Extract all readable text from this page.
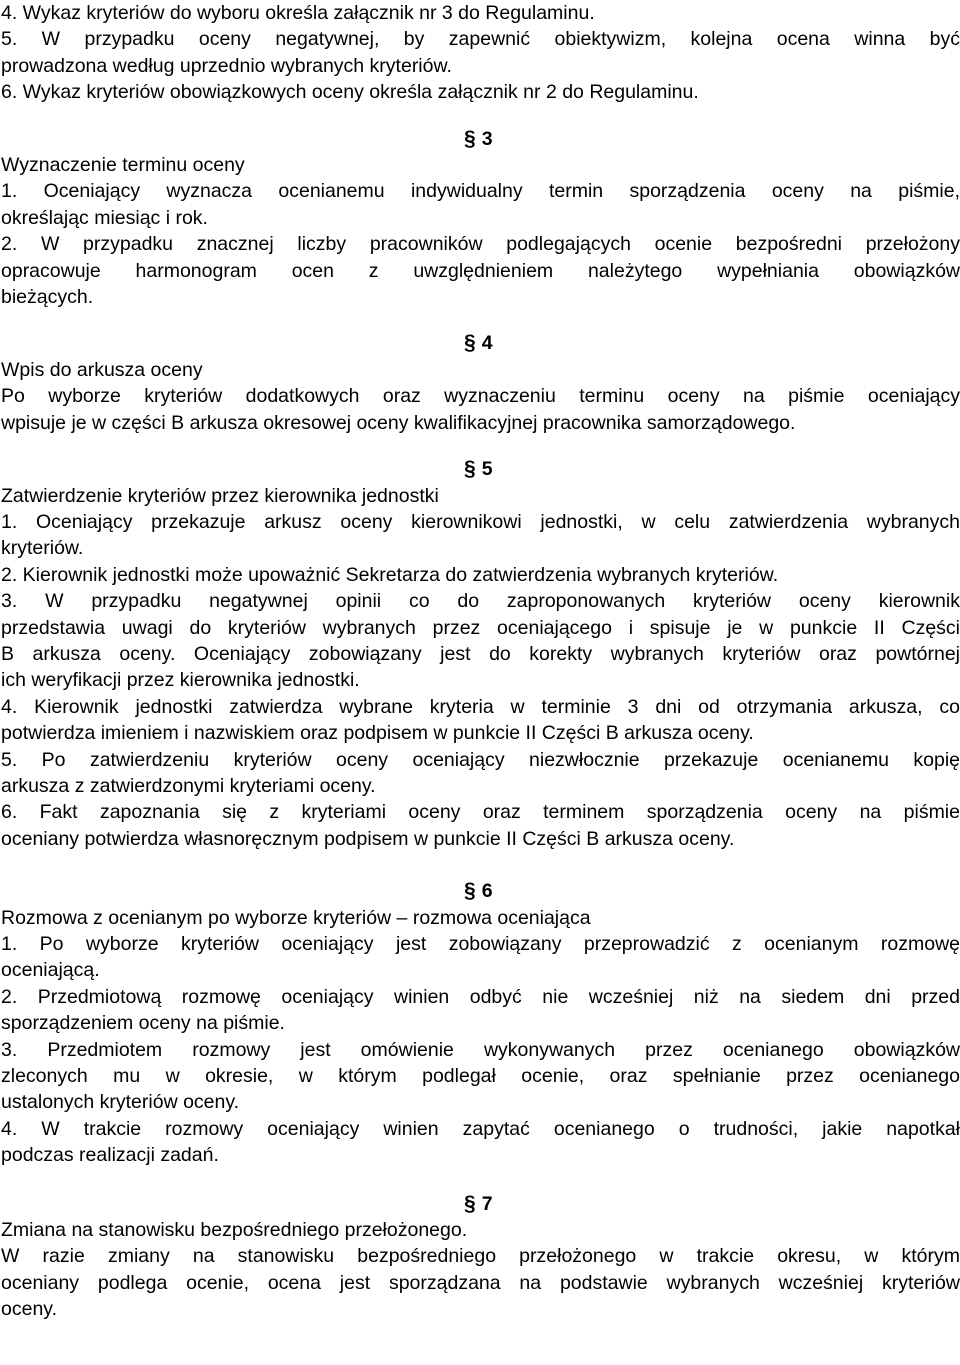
4. Wykaz kryteriów do wyboru określa załącznik nr 3 do Regulaminu.

5. W przypadku oceny negatywnej, by zapewnić obiektywizm, kolejna ocena winna być

prowadzona według uprzednio wybranych kryteriów.

6. Wykaz kryteriów obowiązkowych oceny określa załącznik nr 2 do Regulaminu.

§ 3

Wyznaczenie terminu oceny

1. Oceniający wyznacza ocenianemu indywidualny termin sporządzenia oceny na piśmie,

określając miesiąc i rok.

2. W przypadku znacznej liczby pracowników podlegających ocenie bezpośredni przełożony

opracowuje harmonogram ocen z uwzględnieniem należytego wypełniania obowiązków

bieżących.

§ 4

Wpis do arkusza oceny

Po wyborze kryteriów dodatkowych oraz wyznaczeniu terminu oceny na piśmie oceniający

wpisuje je w części B arkusza okresowej oceny kwalifikacyjnej pracownika samorządowego.

§ 5

Zatwierdzenie kryteriów przez kierownika jednostki

1. Oceniający przekazuje arkusz oceny kierownikowi jednostki, w celu zatwierdzenia wybranych

kryteriów.

2. Kierownik jednostki może upoważnić Sekretarza do zatwierdzenia wybranych kryteriów.

3. W przypadku negatywnej opinii co do zaproponowanych kryteriów oceny kierownik

przedstawia uwagi do kryteriów wybranych przez oceniającego i spisuje je w punkcie II Części

B arkusza oceny. Oceniający zobowiązany jest do korekty wybranych kryteriów oraz powtórnej

ich weryfikacji przez kierownika jednostki.

4. Kierownik jednostki zatwierdza wybrane kryteria w terminie 3 dni od otrzymania arkusza, co

potwierdza imieniem i nazwiskiem oraz podpisem w punkcie II Części B arkusza oceny.

5. Po zatwierdzeniu kryteriów oceny oceniający niezwłocznie przekazuje ocenianemu kopię

arkusza z zatwierdzonymi kryteriami oceny.

6. Fakt zapoznania się z kryteriami oceny oraz terminem sporządzenia oceny na piśmie

oceniany potwierdza własnoręcznym podpisem w punkcie II Części B arkusza oceny.

§ 6

Rozmowa z ocenianym po wyborze kryteriów – rozmowa oceniająca

1. Po wyborze kryteriów oceniający jest zobowiązany przeprowadzić z ocenianym rozmowę

oceniającą.

2. Przedmiotową rozmowę oceniający winien odbyć nie wcześniej niż na siedem dni przed

sporządzeniem oceny na piśmie.

3. Przedmiotem rozmowy jest omówienie wykonywanych przez ocenianego obowiązków

zleconych mu w okresie, w którym podlegał ocenie, oraz spełnianie przez ocenianego

ustalonych kryteriów oceny.

4. W trakcie rozmowy oceniający winien zapytać ocenianego o trudności, jakie napotkał

podczas realizacji zadań.

§ 7

Zmiana na stanowisku bezpośredniego przełożonego.

W razie zmiany na stanowisku bezpośredniego przełożonego w trakcie okresu, w którym

oceniany podlega ocenie, ocena jest sporządzana na podstawie wybranych wcześniej kryteriów

oceny.
